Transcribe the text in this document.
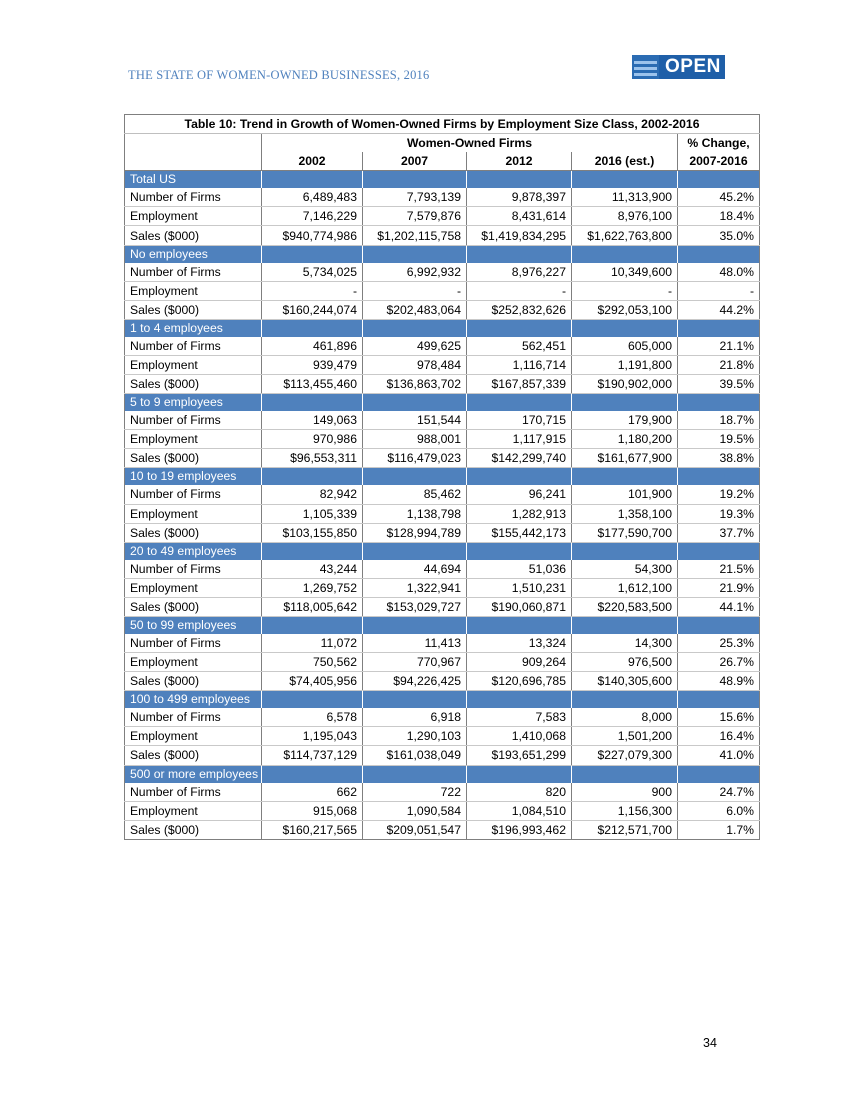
THE STATE OF WOMEN-OWNED BUSINESSES, 2016	OPEN
Table 10: Trend in Growth of Women-Owned Firms by Employment Size Class, 2002-2016					
	Women-Owned Firms				% Change,
	2002	2007	2012	2016 (est.)	2007-2016
Total US					
Number of Firms	6,489,483	7,793,139	9,878,397	11,313,900	45.2%
Employment	7,146,229	7,579,876	8,431,614	8,976,100	18.4%
Sales ($000)	$940,774,986	$1,202,115,758	$1,419,834,295	$1,622,763,800	35.0%
No employees					
Number of Firms	5,734,025	6,992,932	8,976,227	10,349,600	48.0%
Employment	-	-	-	-	-
Sales ($000)	$160,244,074	$202,483,064	$252,832,626	$292,053,100	44.2%
1 to 4 employees					
Number of Firms	461,896	499,625	562,451	605,000	21.1%
Employment	939,479	978,484	1,116,714	1,191,800	21.8%
Sales ($000)	$113,455,460	$136,863,702	$167,857,339	$190,902,000	39.5%
5 to 9 employees					
Number of Firms	149,063	151,544	170,715	179,900	18.7%
Employment	970,986	988,001	1,117,915	1,180,200	19.5%
Sales ($000)	$96,553,311	$116,479,023	$142,299,740	$161,677,900	38.8%
10 to 19 employees					
Number of Firms	82,942	85,462	96,241	101,900	19.2%
Employment	1,105,339	1,138,798	1,282,913	1,358,100	19.3%
Sales ($000)	$103,155,850	$128,994,789	$155,442,173	$177,590,700	37.7%
20 to 49 employees					
Number of Firms	43,244	44,694	51,036	54,300	21.5%
Employment	1,269,752	1,322,941	1,510,231	1,612,100	21.9%
Sales ($000)	$118,005,642	$153,029,727	$190,060,871	$220,583,500	44.1%
50 to 99 employees					
Number of Firms	11,072	11,413	13,324	14,300	25.3%
Employment	750,562	770,967	909,264	976,500	26.7%
Sales ($000)	$74,405,956	$94,226,425	$120,696,785	$140,305,600	48.9%
100 to 499 employees					
Number of Firms	6,578	6,918	7,583	8,000	15.6%
Employment	1,195,043	1,290,103	1,410,068	1,501,200	16.4%
Sales ($000)	$114,737,129	$161,038,049	$193,651,299	$227,079,300	41.0%
500 or more employees					
Number of Firms	662	722	820	900	24.7%
Employment	915,068	1,090,584	1,084,510	1,156,300	6.0%
Sales ($000)	$160,217,565	$209,051,547	$196,993,462	$212,571,700	1.7%
34
